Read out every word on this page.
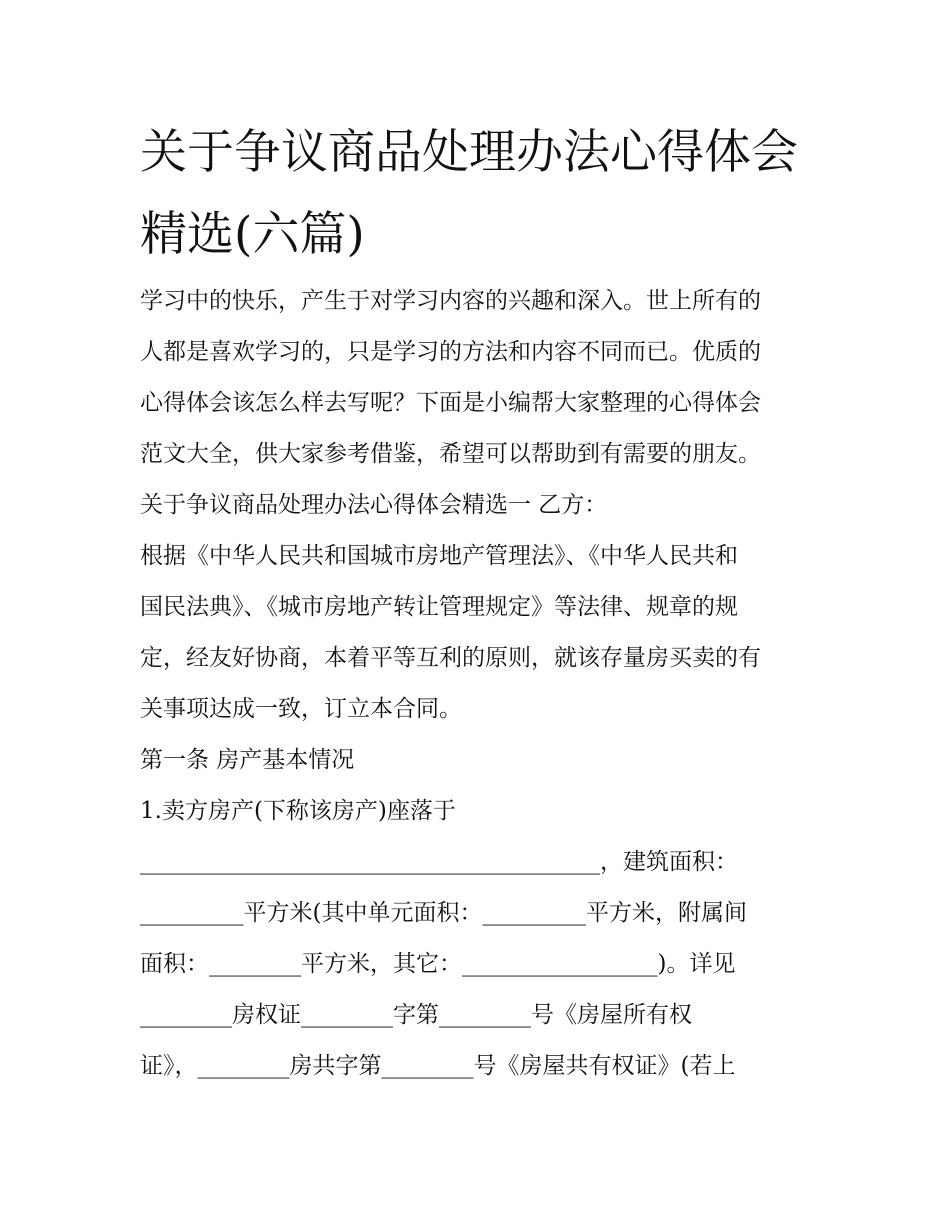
关于争议商品处理办法心得体会精选(六篇)
学习中的快乐，产生于对学习内容的兴趣和深入。世上所有的
人都是喜欢学习的，只是学习的方法和内容不同而已。优质的
心得体会该怎么样去写呢？下面是小编帮大家整理的心得体会
范文大全，供大家参考借鉴，希望可以帮助到有需要的朋友。
关于争议商品处理办法心得体会精选一 乙方：
根据《中华人民共和国城市房地产管理法》、《中华人民共和
国民法典》、《城市房地产转让管理规定》等法律、规章的规
定，经友好协商，本着平等互利的原则，就该存量房买卖的有
关事项达成一致，订立本合同。
第一条 房产基本情况
1.卖方房产(下称该房产)座落于
________________________________________，建筑面积：
_________平方米(其中单元面积：_________平方米，附属间
面积：________平方米，其它：_________________)。详见
________房权证________字第________号《房屋所有权
证》，________房共字第________号《房屋共有权证》(若上
